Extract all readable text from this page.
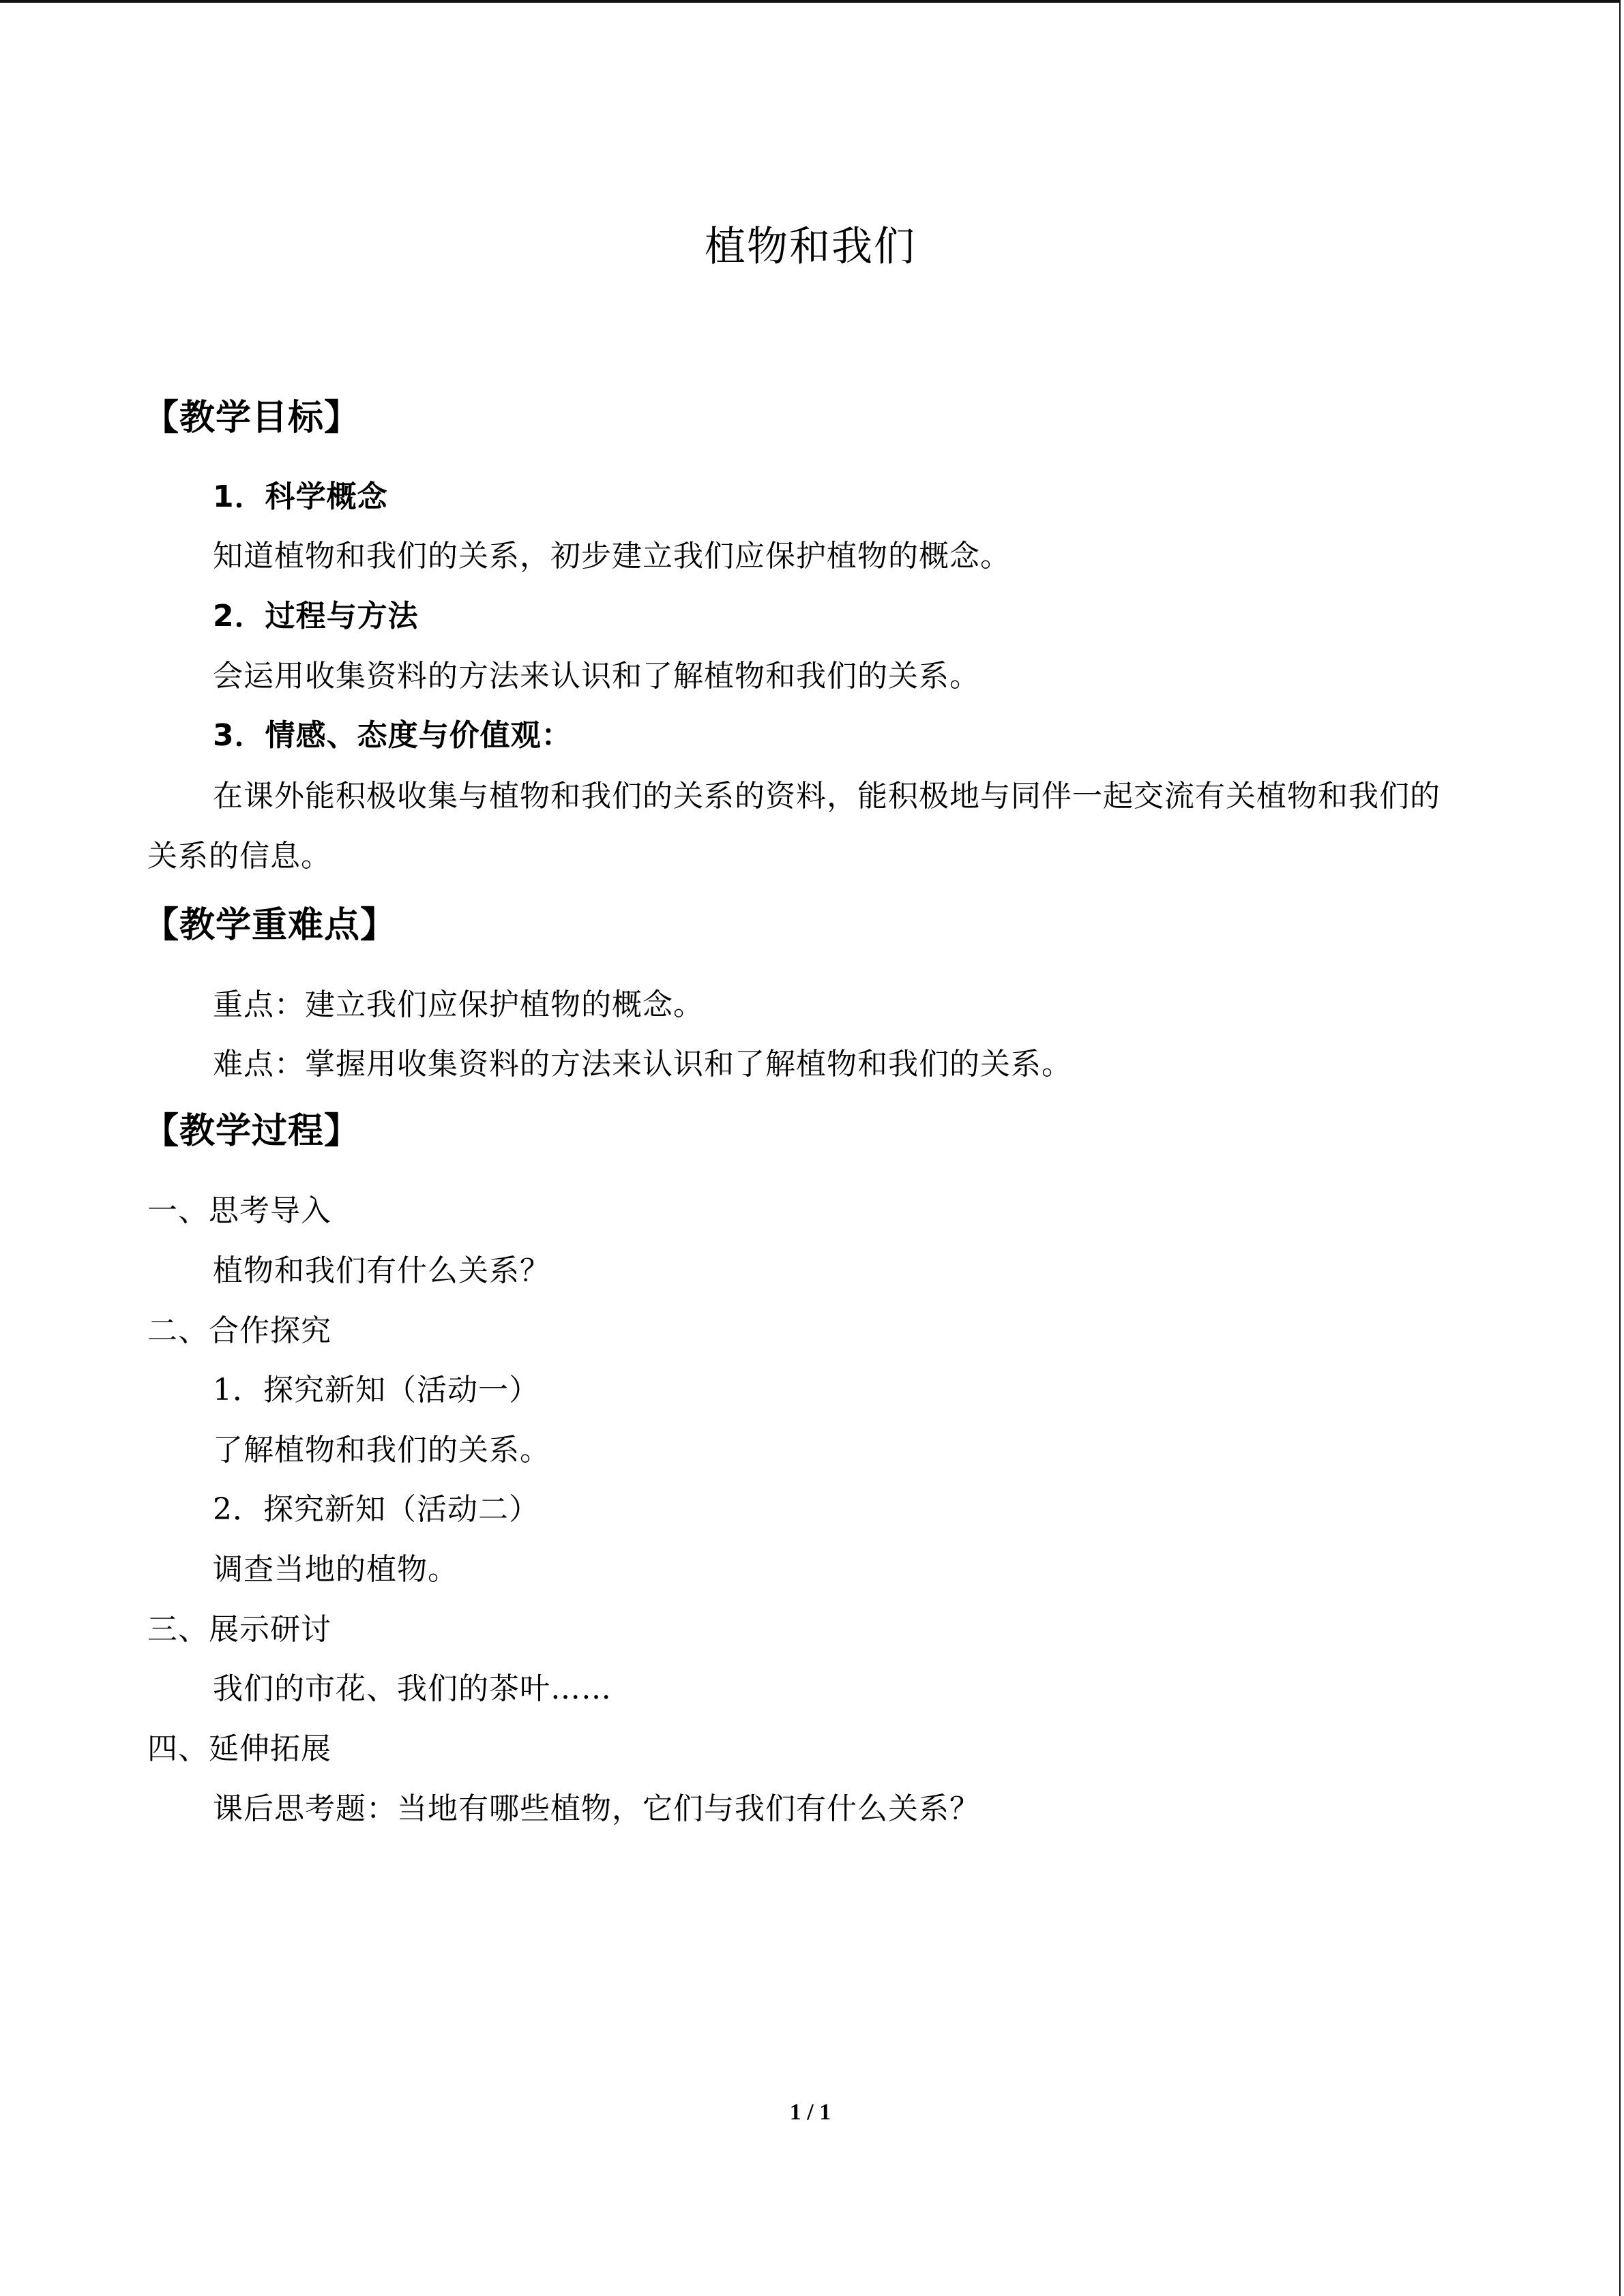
植物和我们
【教学目标】
1．科学概念
知道植物和我们的关系，初步建立我们应保护植物的概念。
2．过程与方法
会运用收集资料的方法来认识和了解植物和我们的关系。
3．情感、态度与价值观：
在课外能积极收集与植物和我们的关系的资料，能积极地与同伴一起交流有关植物和我们的关系的信息。
【教学重难点】
重点：建立我们应保护植物的概念。
难点：掌握用收集资料的方法来认识和了解植物和我们的关系。
【教学过程】
一、思考导入
植物和我们有什么关系？
二、合作探究
1．探究新知（活动一）
了解植物和我们的关系。
2．探究新知（活动二）
调查当地的植物。
三、展示研讨
我们的市花、我们的茶叶……
四、延伸拓展
课后思考题：当地有哪些植物，它们与我们有什么关系？
1 / 1
